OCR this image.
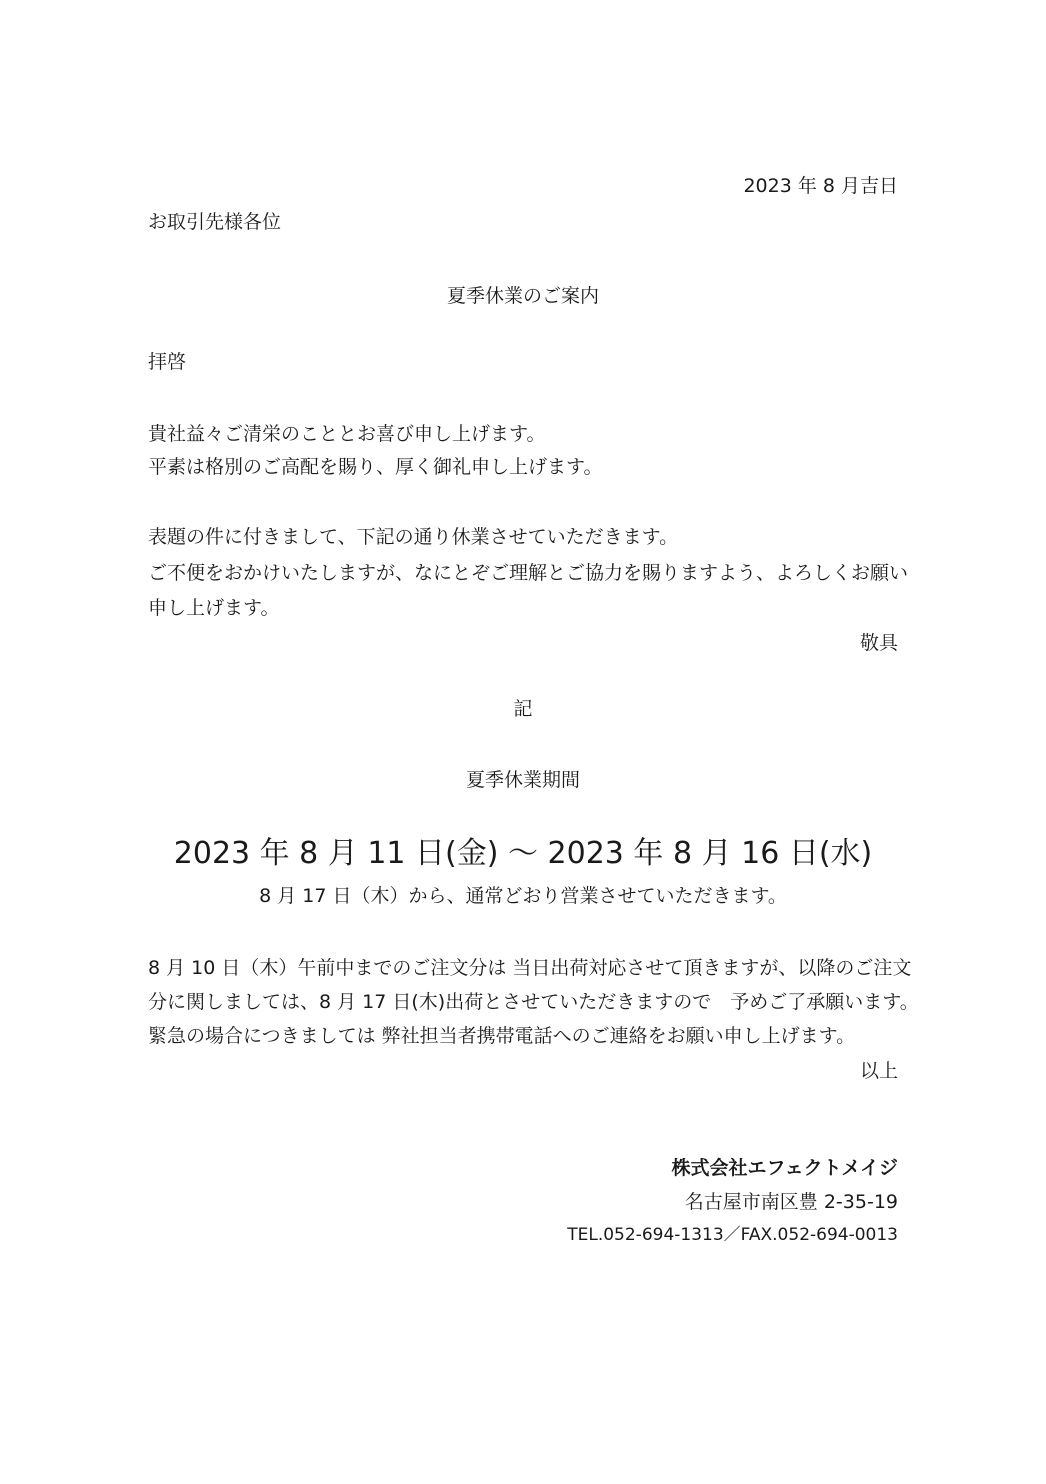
2023 年 8 月吉日

お取引先様各位

夏季休業のご案内

拝啓

貴社益々ご清栄のこととお喜び申し上げます。

平素は格別のご高配を賜り、厚く御礼申し上げます。

表題の件に付きまして、下記の通り休業させていただきます。

ご不便をおかけいたしますが、なにとぞご理解とご協力を賜りますよう、よろしくお願い

申し上げます。

敬具

記

夏季休業期間

2023 年 8 月 11 日(金) ～ 2023 年 8 月 16 日(水)

8 月 17 日（木）から、通常どおり営業させていただきます。

8 月 10 日（木）午前中までのご注文分は 当日出荷対応させて頂きますが、以降のご注文

分に関しましては、8 月 17 日(木)出荷とさせていただきますので　予めご了承願います。

緊急の場合につきましては 弊社担当者携帯電話へのご連絡をお願い申し上げます。

以上

株式会社エフェクトメイジ

名古屋市南区豊 2-35-19

TEL.052-694-1313／FAX.052-694-0013
